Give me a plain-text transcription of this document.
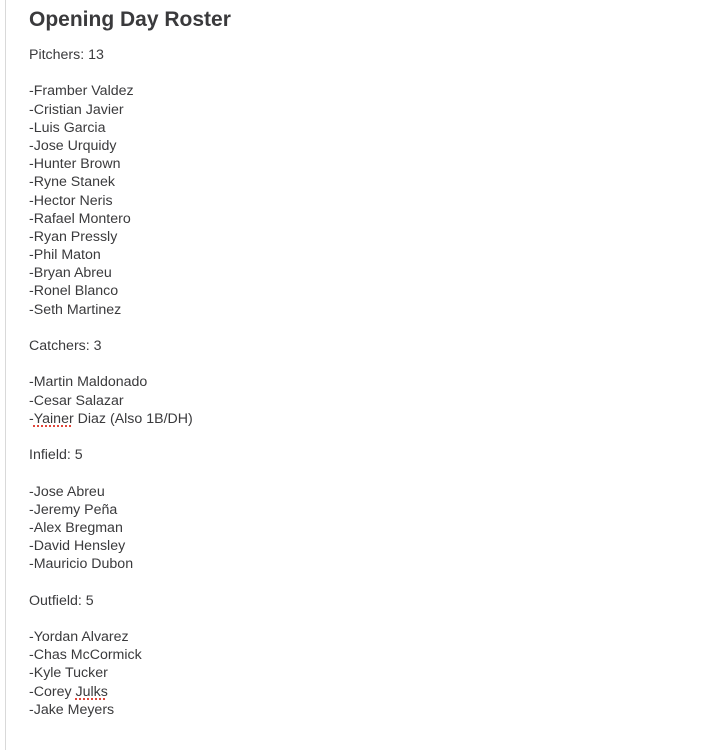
Opening Day Roster
Pitchers: 13
-Framber Valdez
-Cristian Javier
-Luis Garcia
-Jose Urquidy
-Hunter Brown
-Ryne Stanek
-Hector Neris
-Rafael Montero
-Ryan Pressly
-Phil Maton
-Bryan Abreu
-Ronel Blanco
-Seth Martinez
Catchers: 3
-Martin Maldonado
-Cesar Salazar
-Yainer Diaz (Also 1B/DH)
Infield: 5
-Jose Abreu
-Jeremy Peña
-Alex Bregman
-David Hensley
-Mauricio Dubon
Outfield: 5
-Yordan Alvarez
-Chas McCormick
-Kyle Tucker
-Corey Julks
-Jake Meyers
